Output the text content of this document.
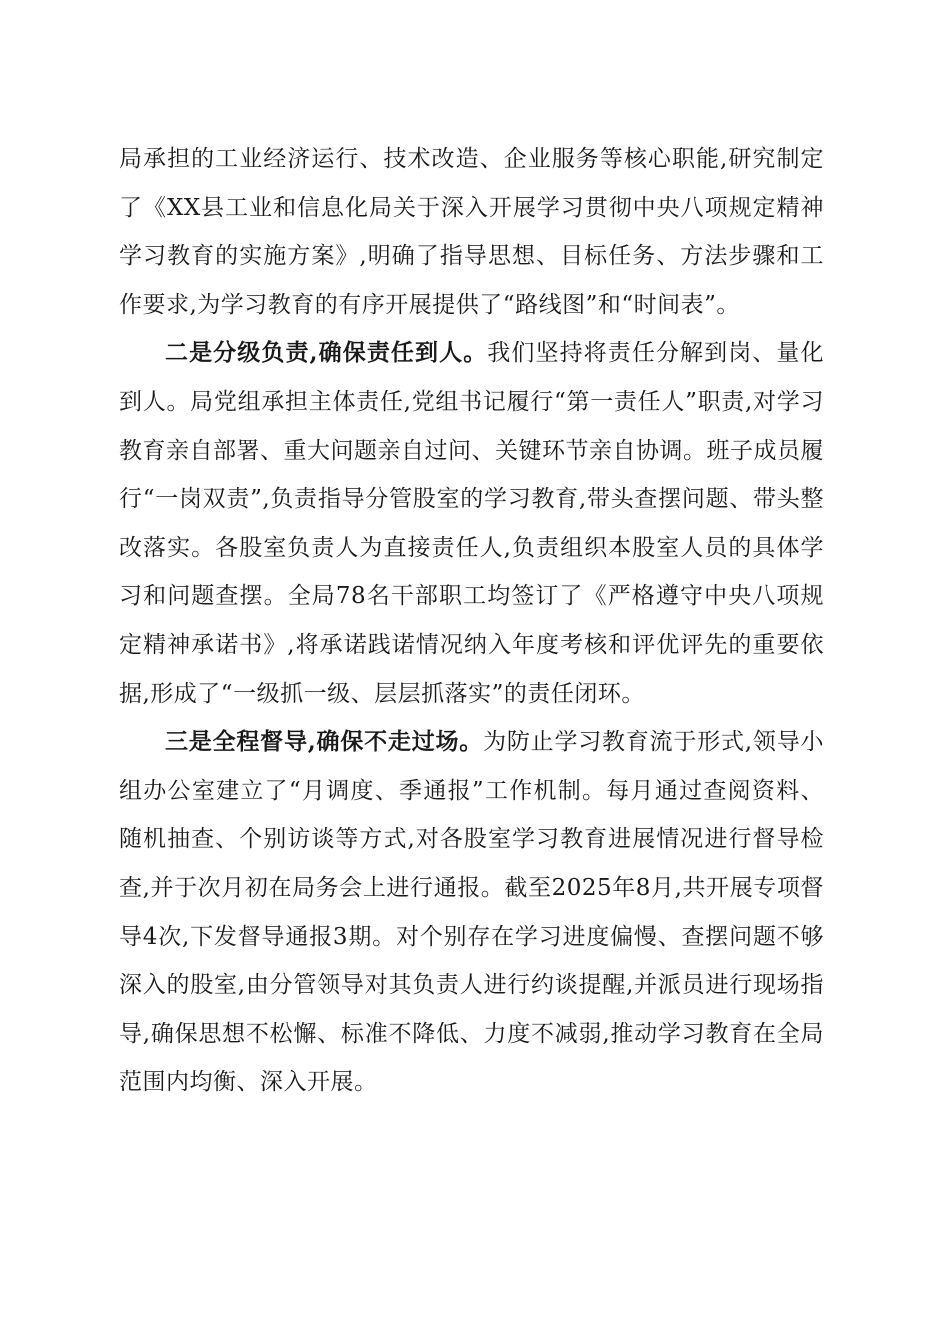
局承担的工业经济运行、技术改造、企业服务等核心职能,研究制定了《XX县工业和信息化局关于深入开展学习贯彻中央八项规定精神学习教育的实施方案》,明确了指导思想、目标任务、方法步骤和工作要求,为学习教育的有序开展提供了“路线图”和“时间表”。

二是分级负责,确保责任到人。我们坚持将责任分解到岗、量化到人。局党组承担主体责任,党组书记履行“第一责任人”职责,对学习教育亲自部署、重大问题亲自过问、关键环节亲自协调。班子成员履行“一岗双责”,负责指导分管股室的学习教育,带头查摆问题、带头整改落实。各股室负责人为直接责任人,负责组织本股室人员的具体学习和问题查摆。全局78名干部职工均签订了《严格遵守中央八项规定精神承诺书》,将承诺践诺情况纳入年度考核和评优评先的重要依据,形成了“一级抓一级、层层抓落实”的责任闭环。

三是全程督导,确保不走过场。为防止学习教育流于形式,领导小组办公室建立了“月调度、季通报”工作机制。每月通过查阅资料、随机抽查、个别访谈等方式,对各股室学习教育进展情况进行督导检查,并于次月初在局务会上进行通报。截至2025年8月,共开展专项督导4次,下发督导通报3期。对个别存在学习进度偏慢、查摆问题不够深入的股室,由分管领导对其负责人进行约谈提醒,并派员进行现场指导,确保思想不松懈、标准不降低、力度不减弱,推动学习教育在全局范围内均衡、深入开展。
